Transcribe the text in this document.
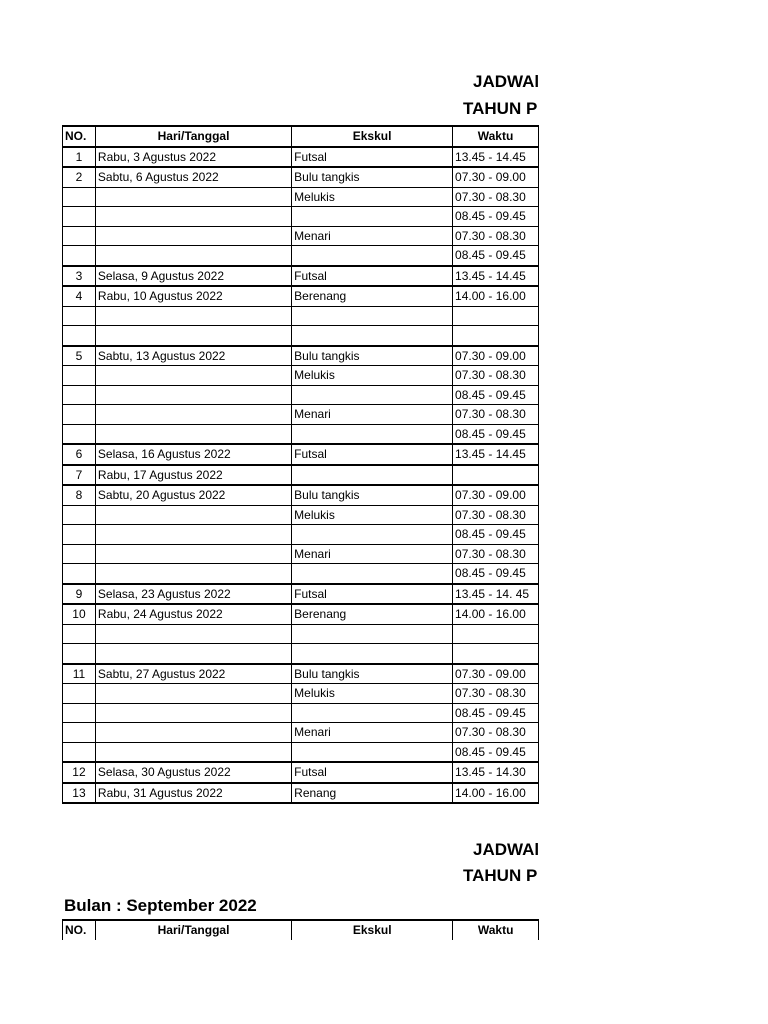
JADWAl
TAHUN P
NO.	Hari/Tanggal	Ekskul	Waktu
1	Rabu, 3 Agustus 2022	Futsal	13.45 - 14.45
2	Sabtu, 6 Agustus 2022	Bulu tangkis	07.30 - 09.00
		Melukis	07.30 - 08.30
			08.45 - 09.45
		Menari	07.30 - 08.30
			08.45 - 09.45
3	Selasa, 9 Agustus 2022	Futsal	13.45 - 14.45
4	Rabu, 10 Agustus 2022	Berenang	14.00 - 16.00

5	Sabtu, 13 Agustus 2022	Bulu tangkis	07.30 - 09.00
		Melukis	07.30 - 08.30
			08.45 - 09.45
		Menari	07.30 - 08.30
			08.45 - 09.45
6	Selasa, 16 Agustus 2022	Futsal	13.45 - 14.45
7	Rabu, 17 Agustus 2022		
8	Sabtu, 20 Agustus 2022	Bulu tangkis	07.30 - 09.00
		Melukis	07.30 - 08.30
			08.45 - 09.45
		Menari	07.30 - 08.30
			08.45 - 09.45
9	Selasa, 23 Agustus 2022	Futsal	13.45 - 14. 45
10	Rabu, 24 Agustus 2022	Berenang	14.00 - 16.00

11	Sabtu, 27 Agustus 2022	Bulu tangkis	07.30 - 09.00
		Melukis	07.30 - 08.30
			08.45 - 09.45
		Menari	07.30 - 08.30
			08.45 - 09.45
12	Selasa, 30 Agustus 2022	Futsal	13.45 - 14.30
13	Rabu, 31 Agustus 2022	Renang	14.00 - 16.00
JADWAl
TAHUN P
Bulan : September 2022
NO.	Hari/Tanggal	Ekskul	Waktu
